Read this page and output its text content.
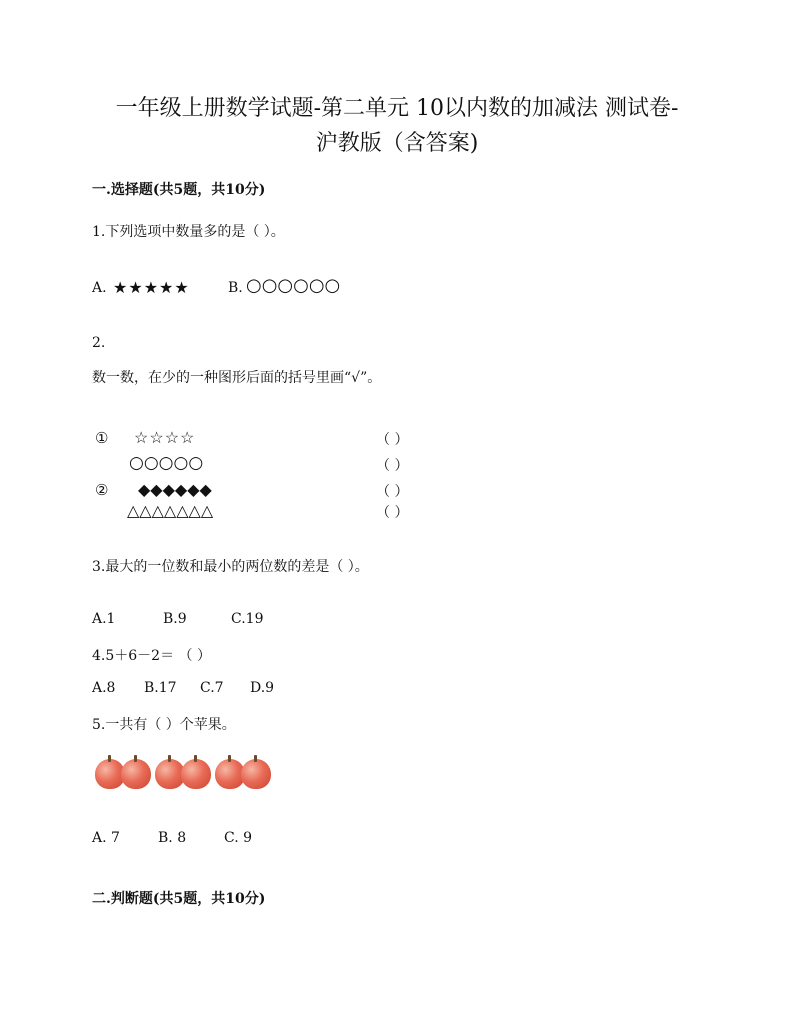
一年级上册数学试题-第二单元 10以内数的加减法 测试卷-
沪教版（含答案)
一.选择题(共5题，共10分)
1.下列选项中数量多的是（ ）。
A. ★★★★★	B. ○○○○○○
2.
数一数，在少的一种图形后面的括号里画“√”。
① ☆☆☆☆	（ ）
○○○○○	（ ）
② ◆◆◆◆◆◆	（ ）
△△△△△△△	（ ）
3.最大的一位数和最小的两位数的差是（ ）。
A.1	B.9	C.19
4.5＋6－2＝ （ ）
A.8 B.17 C.7 D.9
5.一共有（ ）个苹果。
A. 7	B. 8	C. 9
二.判断题(共5题，共10分)
